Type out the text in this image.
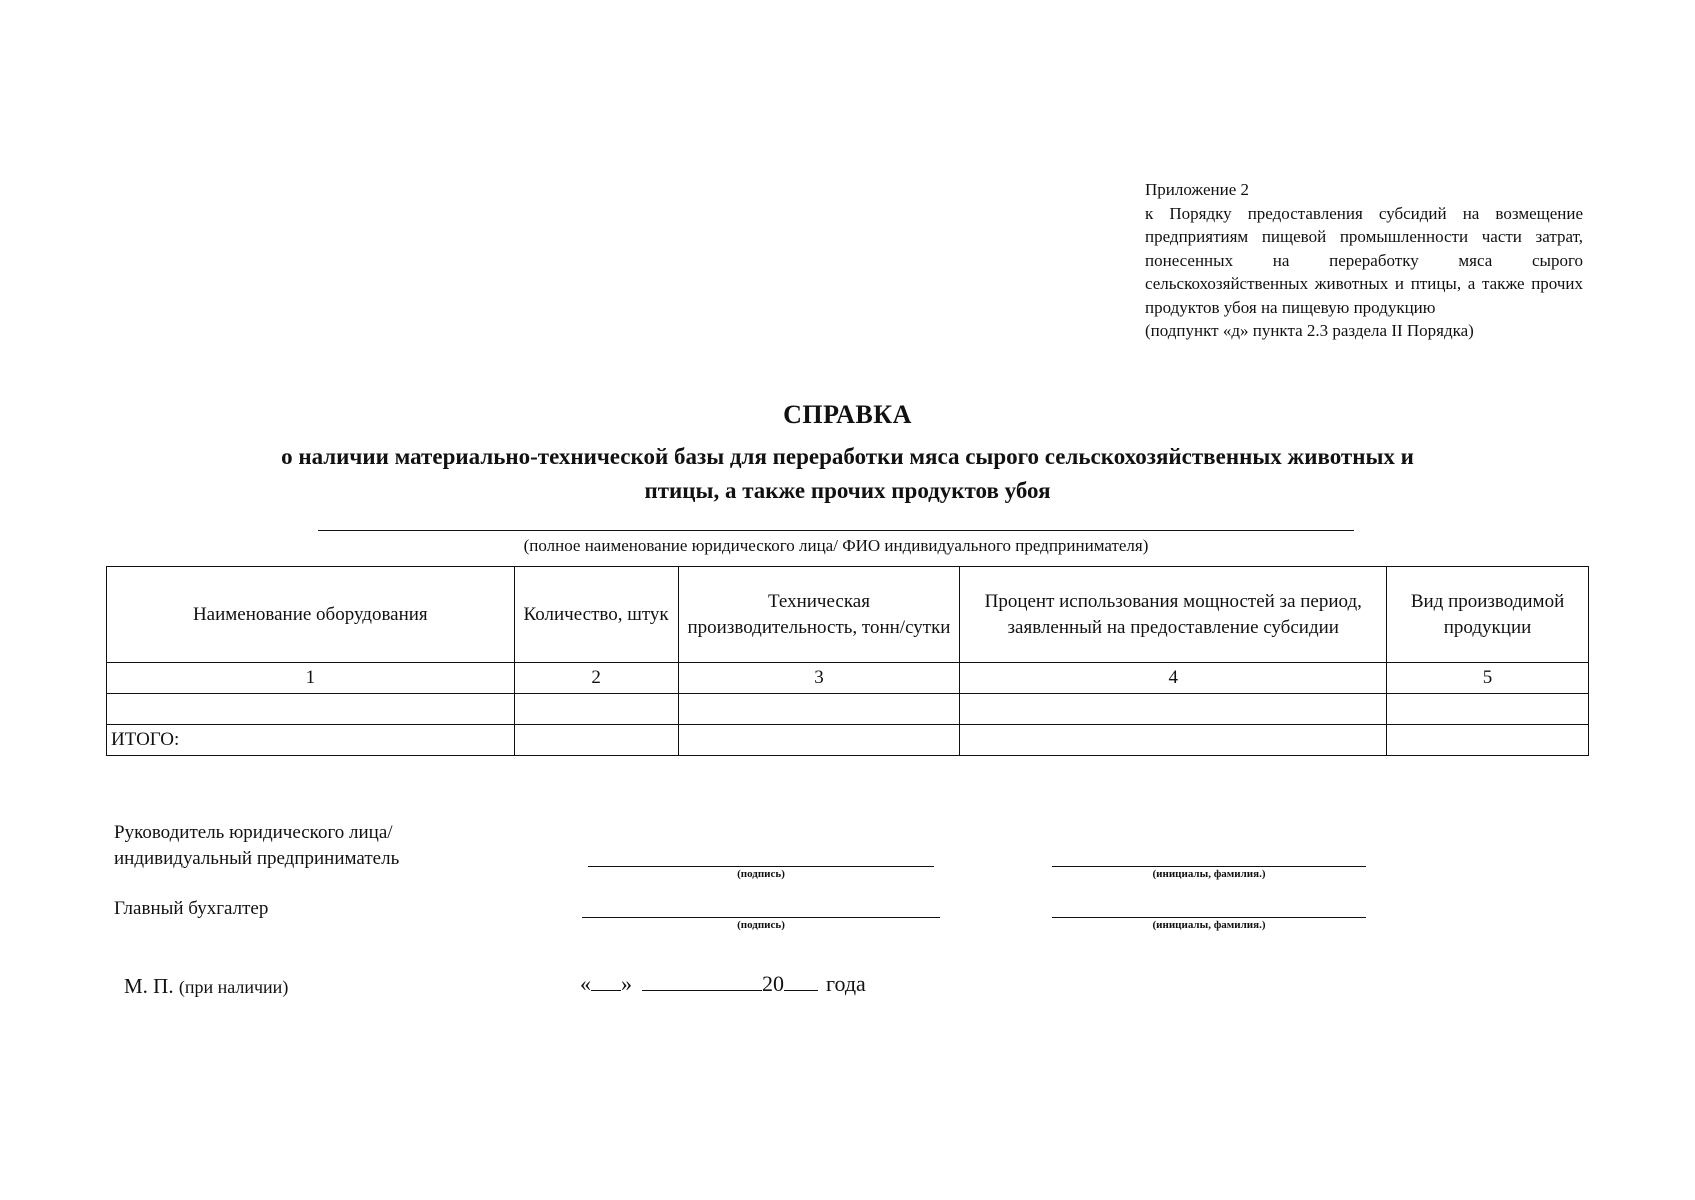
Приложение 2
к Порядку предоставления субсидий на возмещение предприятиям пищевой промышленности части затрат, понесенных на переработку мяса сырого сельскохозяйственных животных и птицы, а также прочих продуктов убоя на пищевую продукцию
(подпункт «д» пункта 2.3 раздела II Порядка)
СПРАВКА
о наличии материально-технической базы для переработки мяса сырого сельскохозяйственных животных и
птицы, а также прочих продуктов убоя
(полное наименование юридического лица/ ФИО индивидуального предпринимателя)
Наименование оборудования	Количество, штук	Техническая производительность, тонн/сутки	Процент использования мощностей за период, заявленный на предоставление субсидии	Вид производимой продукции
1	2	3	4	5

ИТОГО:				
Руководитель юридического лица/
индивидуальный предприниматель
(подпись)	(инициалы, фамилия.)
Главный бухгалтер
(подпись)	(инициалы, фамилия.)
М. П. (при наличии)	« »	20 года
